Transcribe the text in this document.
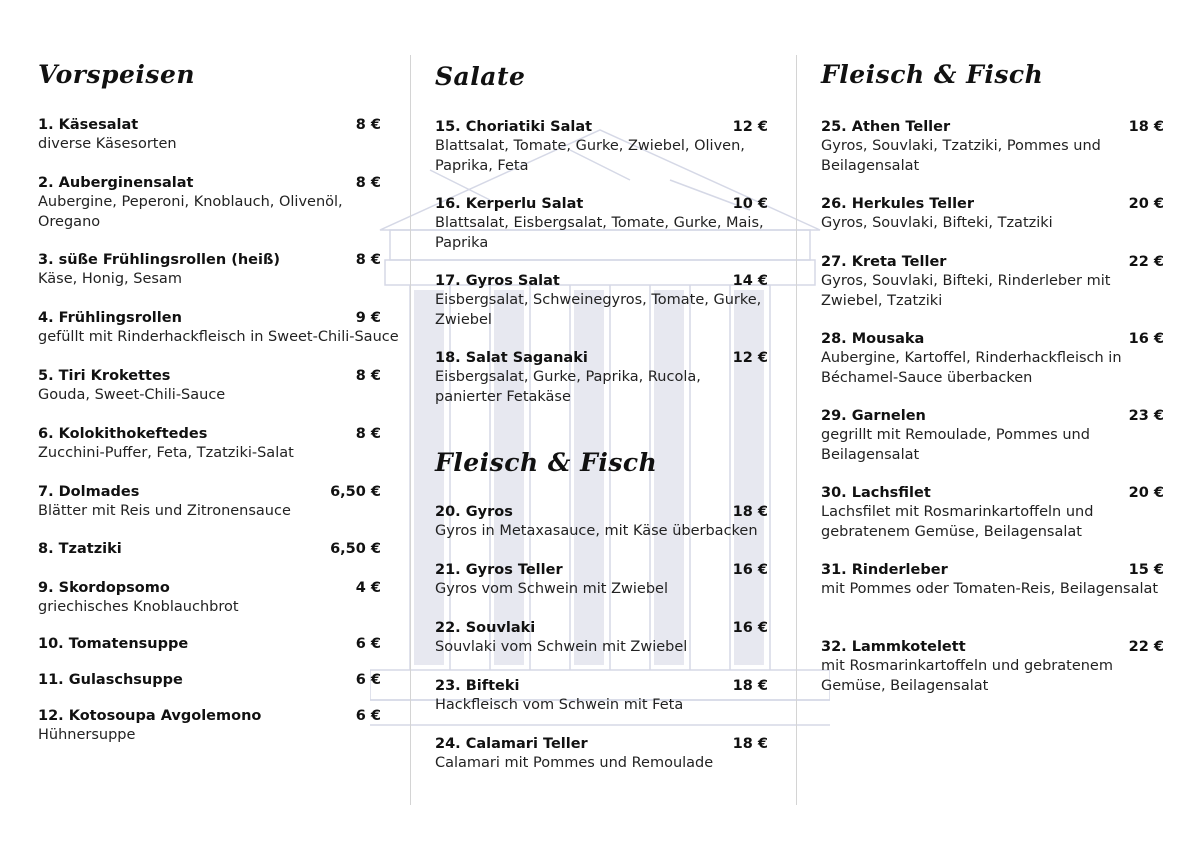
Vorspeisen
1. Käsesalat	8 €
diverse Käsesorten
2. Auberginensalat	8 €
Aubergine, Peperoni, Knoblauch, Olivenöl, Oregano
3. süße Frühlingsrollen (heiß)	8 €
Käse, Honig, Sesam
4. Frühlingsrollen	9 €
gefüllt mit Rinderhackfleisch in Sweet-Chili-Sauce
5. Tiri Krokettes	8 €
Gouda, Sweet-Chili-Sauce
6. Kolokithokeftedes	8 €
Zucchini-Puffer, Feta, Tzatziki-Salat
7. Dolmades	6,50 €
Blätter mit Reis und Zitronensauce
8. Tzatziki	6,50 €
9. Skordopsomo	4 €
griechisches Knoblauchbrot
10. Tomatensuppe	6 €
11. Gulaschsuppe	6 €
12. Kotosoupa Avgolemono	6 €
Hühnersuppe
Salate
15. Choriatiki Salat	12 €
Blattsalat, Tomate, Gurke, Zwiebel, Oliven, Paprika, Feta
16. Kerperlu Salat	10 €
Blattsalat, Eisbergsalat, Tomate, Gurke, Mais, Paprika
17. Gyros Salat	14 €
Eisbergsalat, Schweinegyros, Tomate, Gurke, Zwiebel
18. Salat Saganaki	12 €
Eisbergsalat, Gurke, Paprika, Rucola, panierter Fetakäse
Fleisch & Fisch
20. Gyros	18 €
Gyros in Metaxasauce, mit Käse überbacken
21. Gyros Teller	16 €
Gyros vom Schwein mit Zwiebel
22. Souvlaki	16 €
Souvlaki vom Schwein mit Zwiebel
23. Bifteki	18 €
Hackfleisch vom Schwein mit Feta
24. Calamari Teller	18 €
Calamari mit Pommes und Remoulade
Fleisch & Fisch
25. Athen Teller	18 €
Gyros, Souvlaki, Tzatziki, Pommes und Beilagensalat
26. Herkules Teller	20 €
Gyros, Souvlaki, Bifteki, Tzatziki
27. Kreta Teller	22 €
Gyros, Souvlaki, Bifteki, Rinderleber mit Zwiebel, Tzatziki
28. Mousaka	16 €
Aubergine, Kartoffel, Rinderhackfleisch in Béchamel-Sauce überbacken
29. Garnelen	23 €
gegrillt mit Remoulade, Pommes und Beilagensalat
30. Lachsfilet	20 €
Lachsfilet mit Rosmarinkartoffeln und gebratenem Gemüse, Beilagensalat
31. Rinderleber	15 €
mit Pommes oder Tomaten-Reis, Beilagensalat
32. Lammkotelett	22 €
mit Rosmarinkartoffeln und gebratenem Gemüse, Beilagensalat
